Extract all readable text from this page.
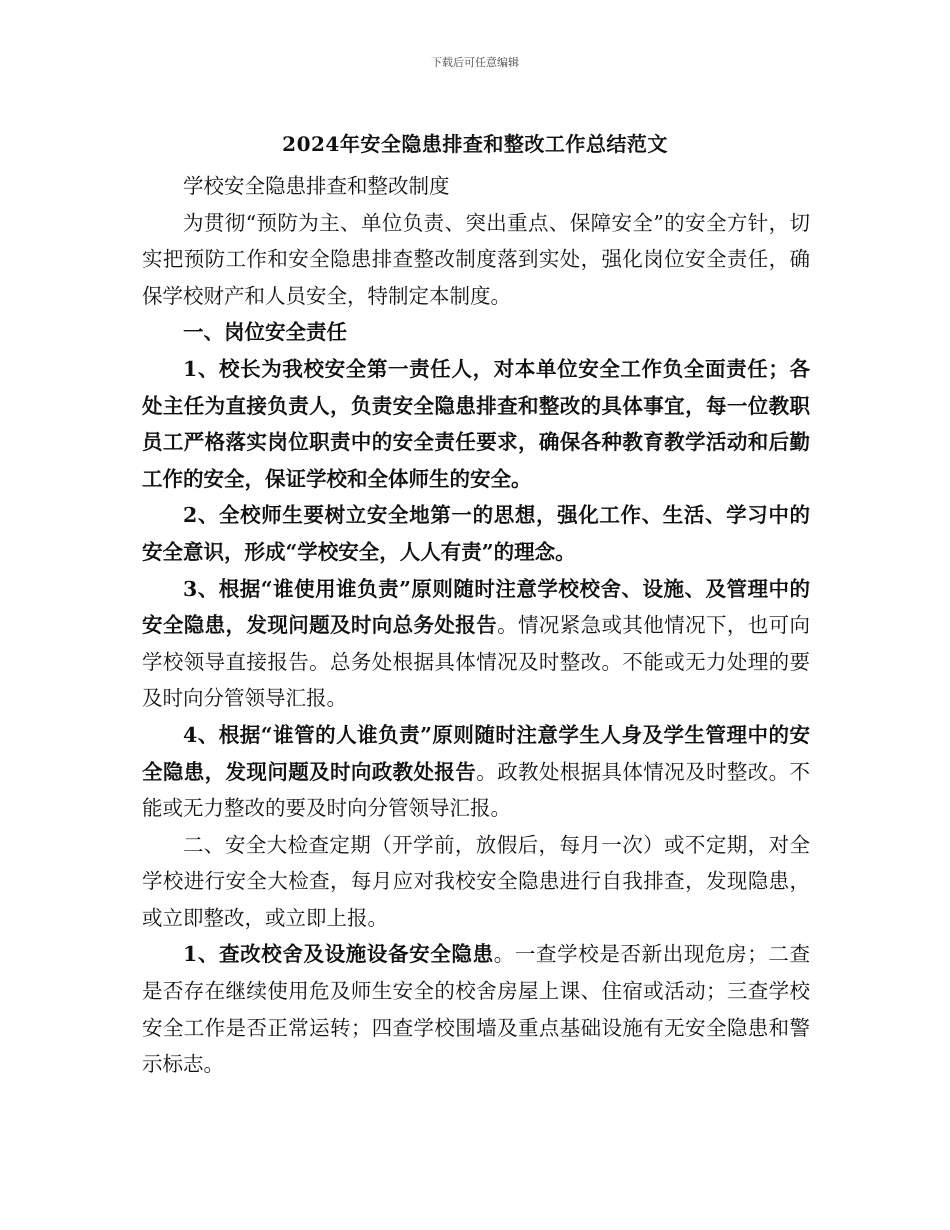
下载后可任意编辑
2024年安全隐患排查和整改工作总结范文

学校安全隐患排查和整改制度

为贯彻“预防为主、单位负责、突出重点、保障安全”的安全方针，切实把预防工作和安全隐患排查整改制度落到实处，强化岗位安全责任，确保学校财产和人员安全，特制定本制度。

一、岗位安全责任

1、校长为我校安全第一责任人，对本单位安全工作负全面责任；各处主任为直接负责人，负责安全隐患排查和整改的具体事宜，每一位教职员工严格落实岗位职责中的安全责任要求，确保各种教育教学活动和后勤工作的安全，保证学校和全体师生的安全。

2、全校师生要树立安全地第一的思想，强化工作、生活、学习中的安全意识，形成“学校安全，人人有责”的理念。

3、根据“谁使用谁负责”原则随时注意学校校舍、设施、及管理中的安全隐患，发现问题及时向总务处报告。情况紧急或其他情况下，也可向学校领导直接报告。总务处根据具体情况及时整改。不能或无力处理的要及时向分管领导汇报。

4、根据“谁管的人谁负责”原则随时注意学生人身及学生管理中的安全隐患，发现问题及时向政教处报告。政教处根据具体情况及时整改。不能或无力整改的要及时向分管领导汇报。

二、安全大检查定期（开学前，放假后，每月一次）或不定期，对全学校进行安全大检查，每月应对我校安全隐患进行自我排查，发现隐患，或立即整改，或立即上报。

1、查改校舍及设施设备安全隐患。一查学校是否新出现危房；二查是否存在继续使用危及师生安全的校舍房屋上课、住宿或活动；三查学校安全工作是否正常运转；四查学校围墙及重点基础设施有无安全隐患和警示标志。
